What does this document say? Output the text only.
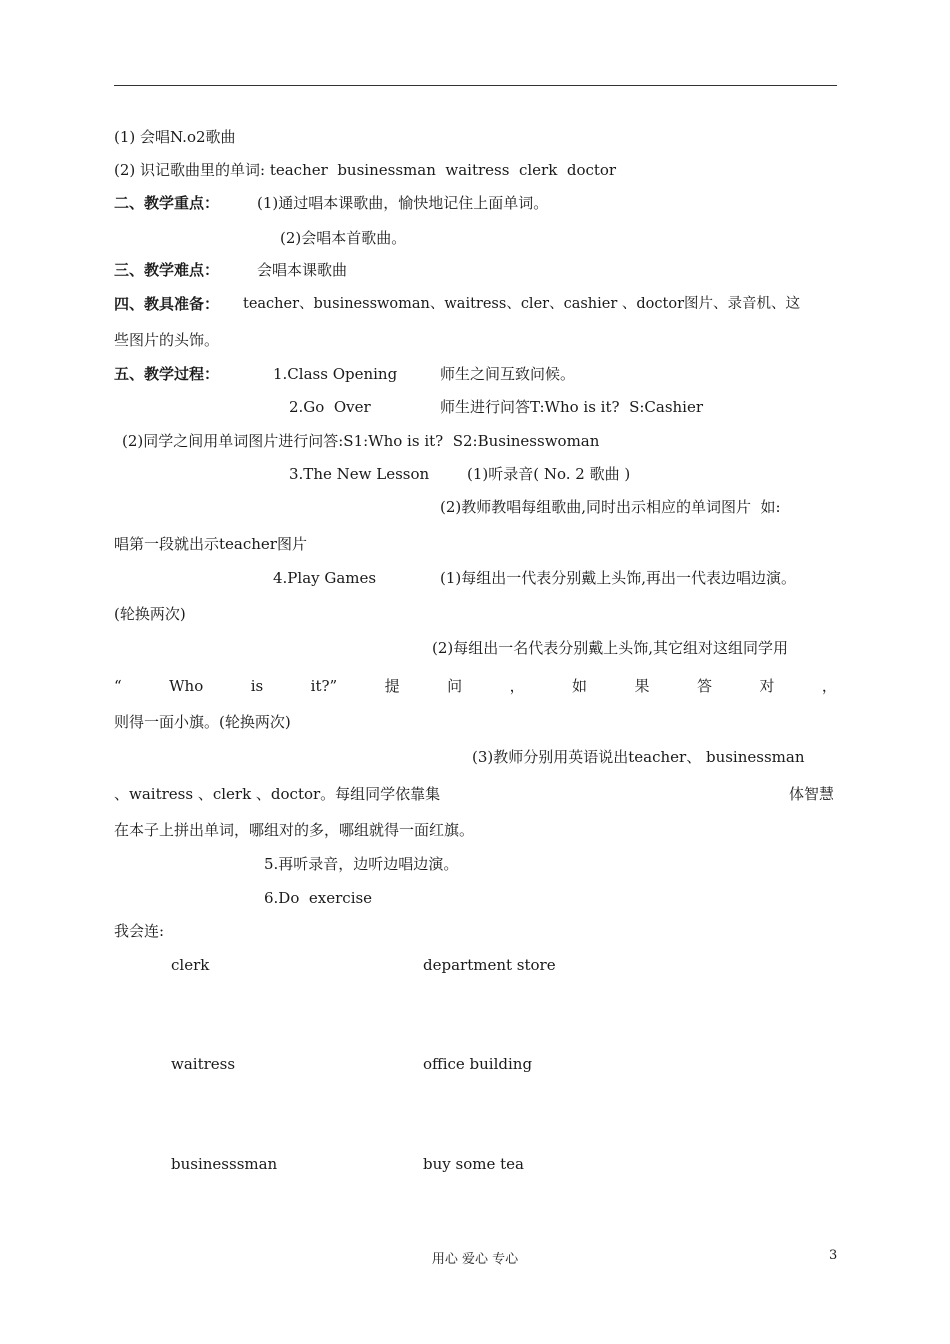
(1) 会唱N.o2歌曲
(2) 识记歌曲里的单词: teacher  businessman  waitress  clerk  doctor
二、教学重点：	(1)通过唱本课歌曲，愉快地记住上面单词。
(2)会唱本首歌曲。
三、教学难点：	会唱本课歌曲
四、教具准备： teacher、businesswoman、waitress、cler、cashier 、doctor图片、录音机、这
些图片的头饰。
五、教学过程：	1.Class Opening	师生之间互致问候。
2.Go  Over	师生进行问答T:Who is it?  S:Cashier
(2)同学之间用单词图片进行问答:S1:Who is it?  S2:Businesswoman
3.The New Lesson	(1)听录音( No. 2 歌曲 )
(2)教师教唱每组歌曲,同时出示相应的单词图片  如:
唱第一段就出示teacher图片
4.Play Games	(1)每组出一代表分别戴上头饰,再出一代表边唱边演。
(轮换两次)
(2)每组出一名代表分别戴上头饰,其它组对这组同学用
“	Who	is	it?”	提	问	，	如	果	答	对	，
则得一面小旗。(轮换两次)
(3)教师分别用英语说出teacher、 businessman
、waitress 、clerk 、doctor。每组同学依靠集	体智慧
在本子上拼出单词，哪组对的多，哪组就得一面红旗。
5.再听录音，边听边唱边演。
6.Do  exercise
我会连:
clerk	department store
waitress	office building
businesssman	buy some tea
用心 爱心 专心	3
